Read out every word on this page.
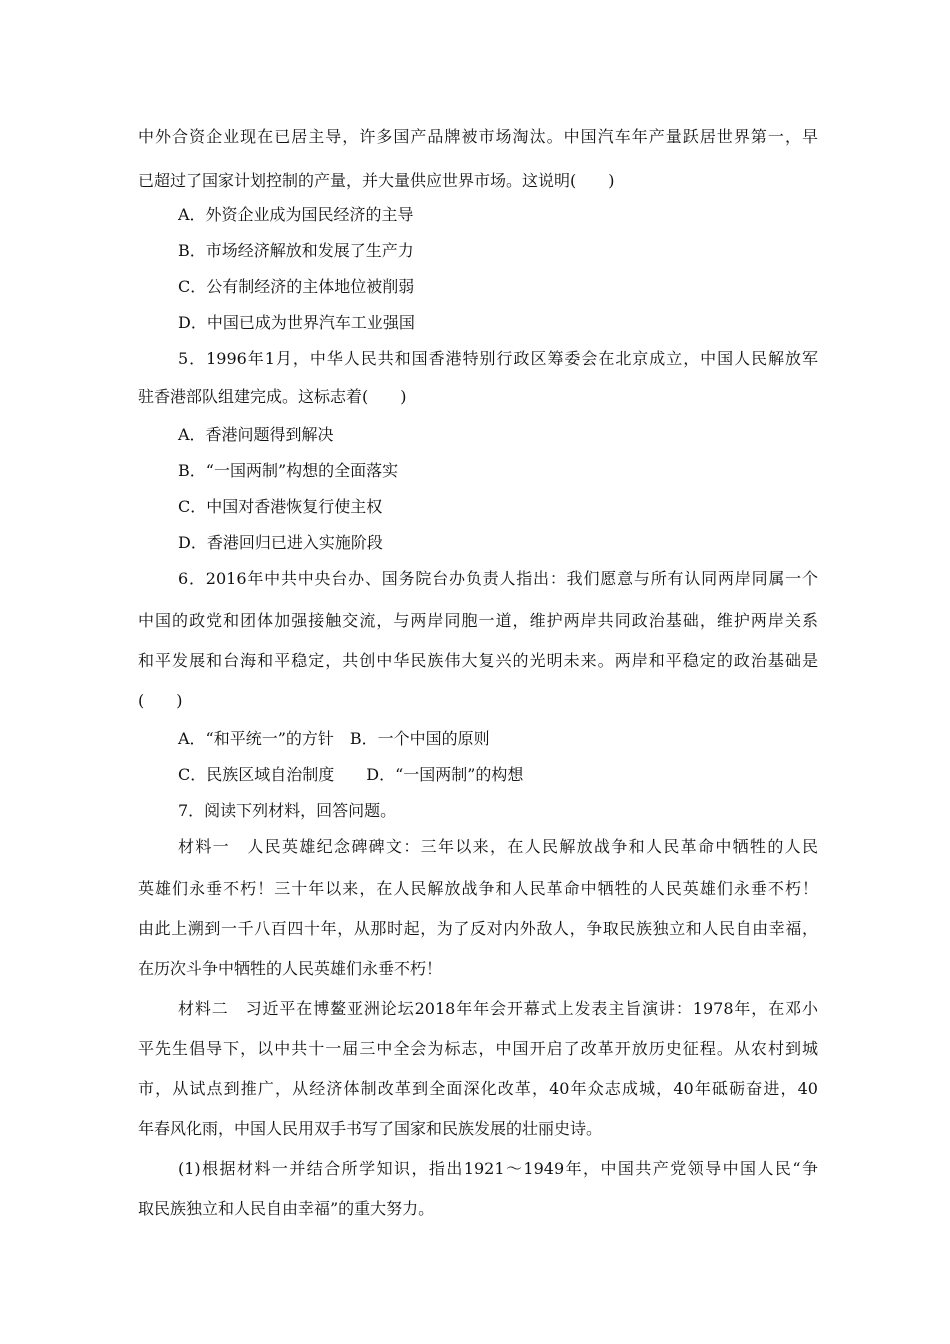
中外合资企业现在已居主导，许多国产品牌被市场淘汰。中国汽车年产量跃居世界第一，早
已超过了国家计划控制的产量，并大量供应世界市场。这说明(　　)
A．外资企业成为国民经济的主导
B．市场经济解放和发展了生产力
C．公有制经济的主体地位被削弱
D．中国已成为世界汽车工业强国
5．1996年1月，中华人民共和国香港特别行政区筹委会在北京成立，中国人民解放军
驻香港部队组建完成。这标志着(　　)
A．香港问题得到解决
B．“一国两制”构想的全面落实
C．中国对香港恢复行使主权
D．香港回归已进入实施阶段
6．2016年中共中央台办、国务院台办负责人指出：我们愿意与所有认同两岸同属一个
中国的政党和团体加强接触交流，与两岸同胞一道，维护两岸共同政治基础，维护两岸关系
和平发展和台海和平稳定，共创中华民族伟大复兴的光明未来。两岸和平稳定的政治基础是
(　　)
A．“和平统一”的方针　B．一个中国的原则
C．民族区域自治制度　　D．“一国两制”的构想
7．阅读下列材料，回答问题。
材料一　人民英雄纪念碑碑文：三年以来，在人民解放战争和人民革命中牺牲的人民
英雄们永垂不朽！三十年以来，在人民解放战争和人民革命中牺牲的人民英雄们永垂不朽！
由此上溯到一千八百四十年，从那时起，为了反对内外敌人，争取民族独立和人民自由幸福，
在历次斗争中牺牲的人民英雄们永垂不朽！
材料二　习近平在博鳌亚洲论坛2018年年会开幕式上发表主旨演讲：1978年，在邓小
平先生倡导下，以中共十一届三中全会为标志，中国开启了改革开放历史征程。从农村到城
市，从试点到推广，从经济体制改革到全面深化改革，40年众志成城，40年砥砺奋进，40
年春风化雨，中国人民用双手书写了国家和民族发展的壮丽史诗。
(1)根据材料一并结合所学知识，指出1921～1949年，中国共产党领导中国人民“争
取民族独立和人民自由幸福”的重大努力。
